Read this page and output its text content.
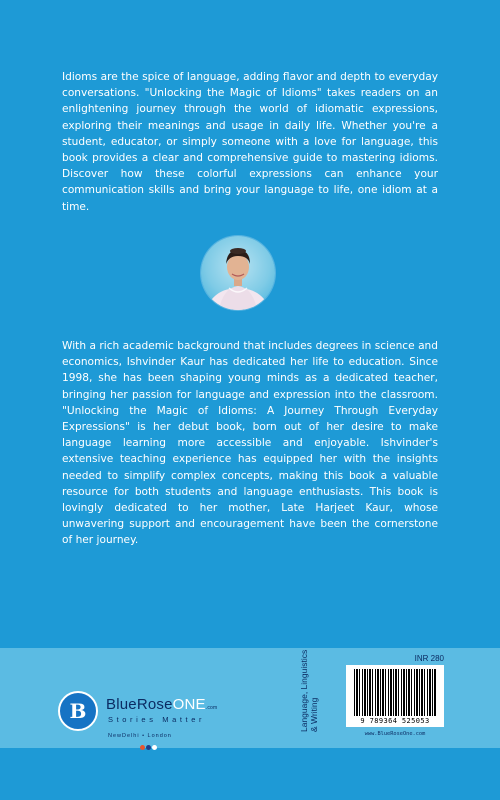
Idioms are the spice of language, adding flavor and depth to everyday conversations. "Unlocking the Magic of Idioms" takes readers on an enlightening journey through the world of idiomatic expressions, exploring their meanings and usage in daily life. Whether you're a student, educator, or simply someone with a love for language, this book provides a clear and comprehensive guide to mastering idioms. Discover how these colorful expressions can enhance your communication skills and bring your language to life, one idiom at a time.

With a rich academic background that includes degrees in science and economics, Ishvinder Kaur has dedicated her life to education. Since 1998, she has been shaping young minds as a dedicated teacher, bringing her passion for language and expression into the classroom. "Unlocking the Magic of Idioms: A Journey Through Everyday Expressions" is her debut book, born out of her desire to make language learning more accessible and enjoyable. Ishvinder's extensive teaching experience has equipped her with the insights needed to simplify complex concepts, making this book a valuable resource for both students and language enthusiasts. This book is lovingly dedicated to her mother, Late Harjeet Kaur, whose unwavering support and encouragement have been the cornerstone of her journey.

B	BlueRoseONE.com
Stories Matter
NewDelhi • London
Language, Linguistics & Writing
INR 280
9 789364 525053
www.BlueRoseOne.com
